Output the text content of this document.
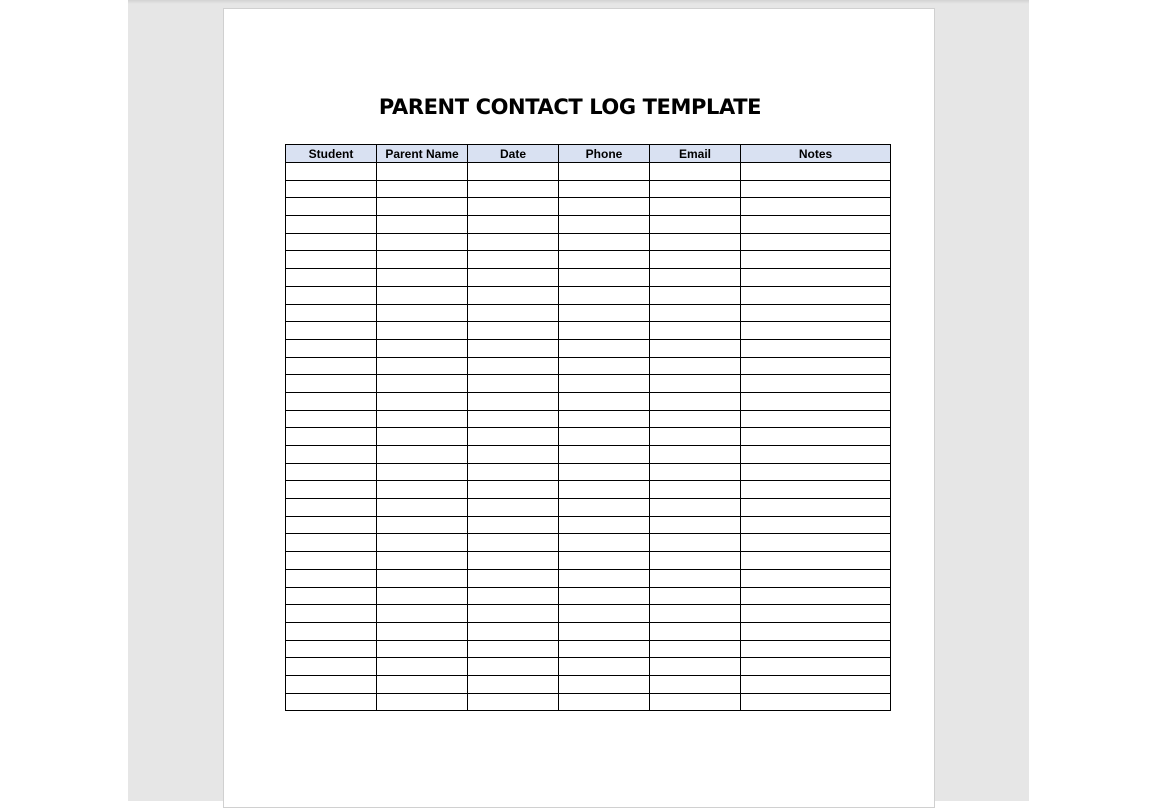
PARENT CONTACT LOG TEMPLATE
Student	Parent Name	Date	Phone	Email	Notes
